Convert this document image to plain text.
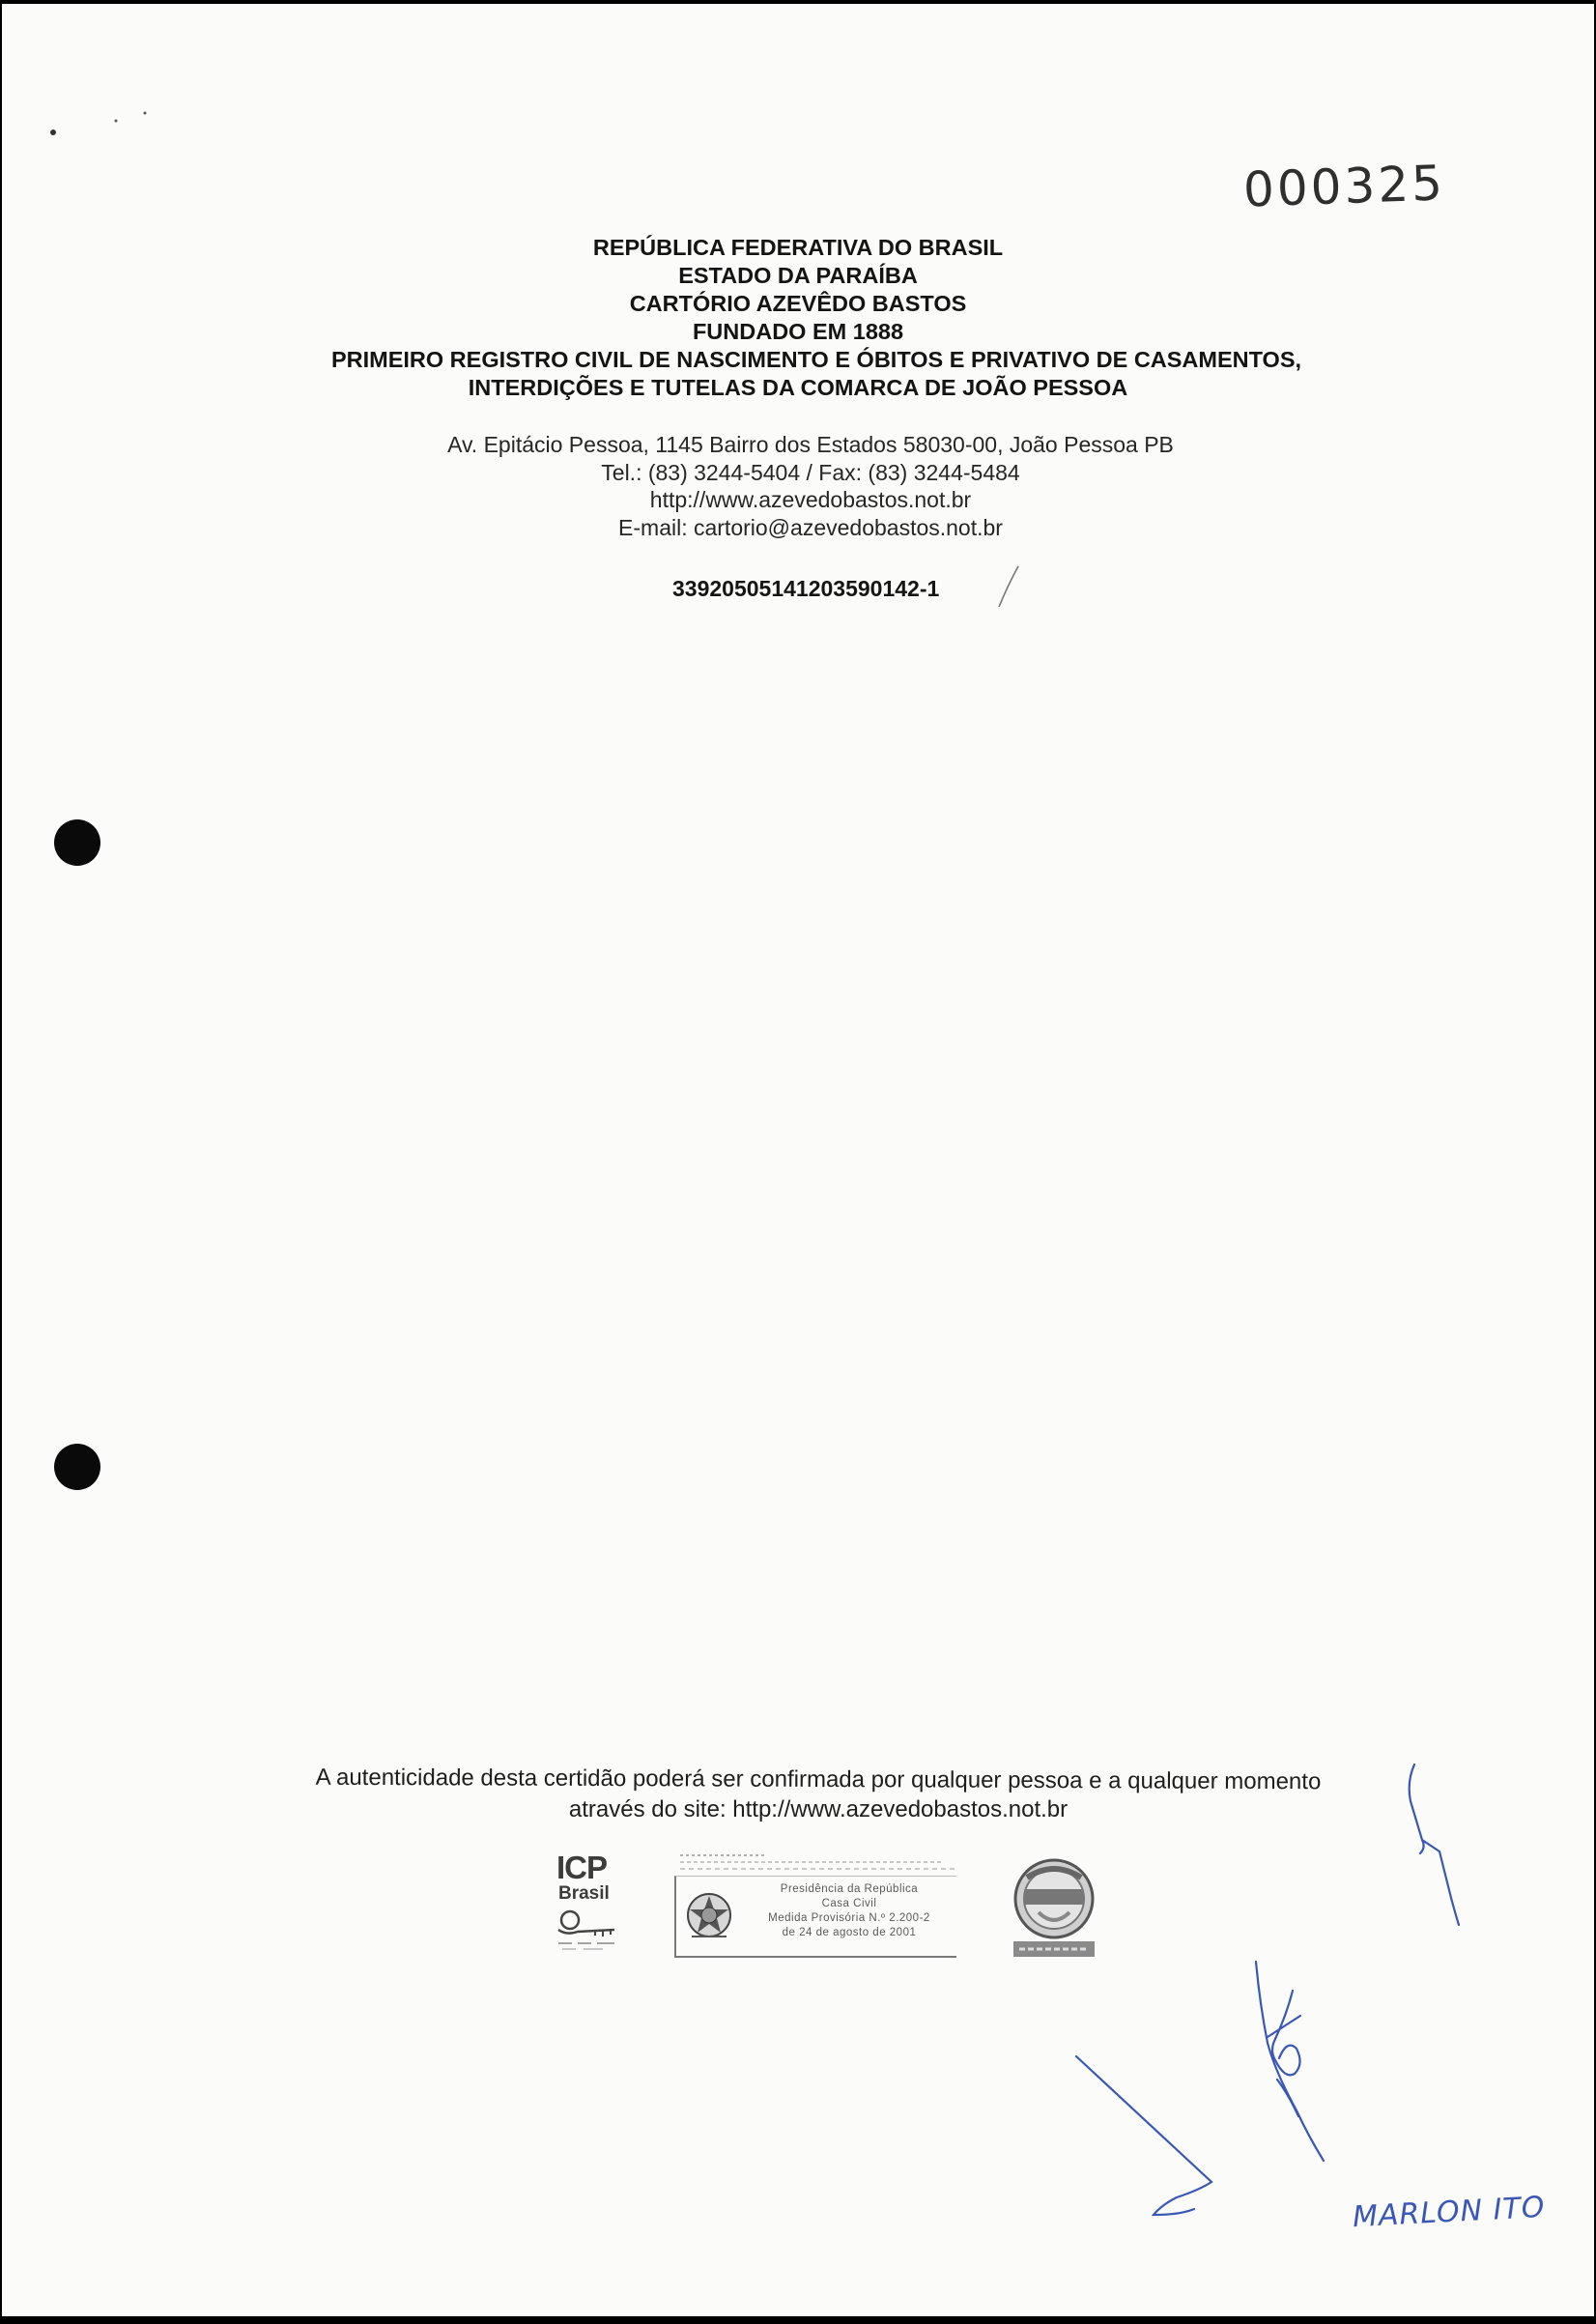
000325

REPÚBLICA FEDERATIVA DO BRASIL

ESTADO DA PARAÍBA

CARTÓRIO AZEVÊDO BASTOS

FUNDADO EM 1888

PRIMEIRO REGISTRO CIVIL DE NASCIMENTO E ÓBITOS E PRIVATIVO DE CASAMENTOS,

INTERDIÇÕES E TUTELAS DA COMARCA DE JOÃO PESSOA

Av. Epitácio Pessoa, 1145 Bairro dos Estados 58030-00, João Pessoa PB

Tel.: (83) 3244-5404 / Fax: (83) 3244-5484

http://www.azevedobastos.not.br

E-mail: cartorio@azevedobastos.not.br

33920505141203590142-1

A autenticidade desta certidão poderá ser confirmada por qualquer pessoa e a qualquer momento

através do site: http://www.azevedobastos.not.br

ICP
Brasil	Presidência da República

Casa Civil

Medida Provisória N.º 2.200-2

de 24 de agosto de 2001

MARLON ITO
